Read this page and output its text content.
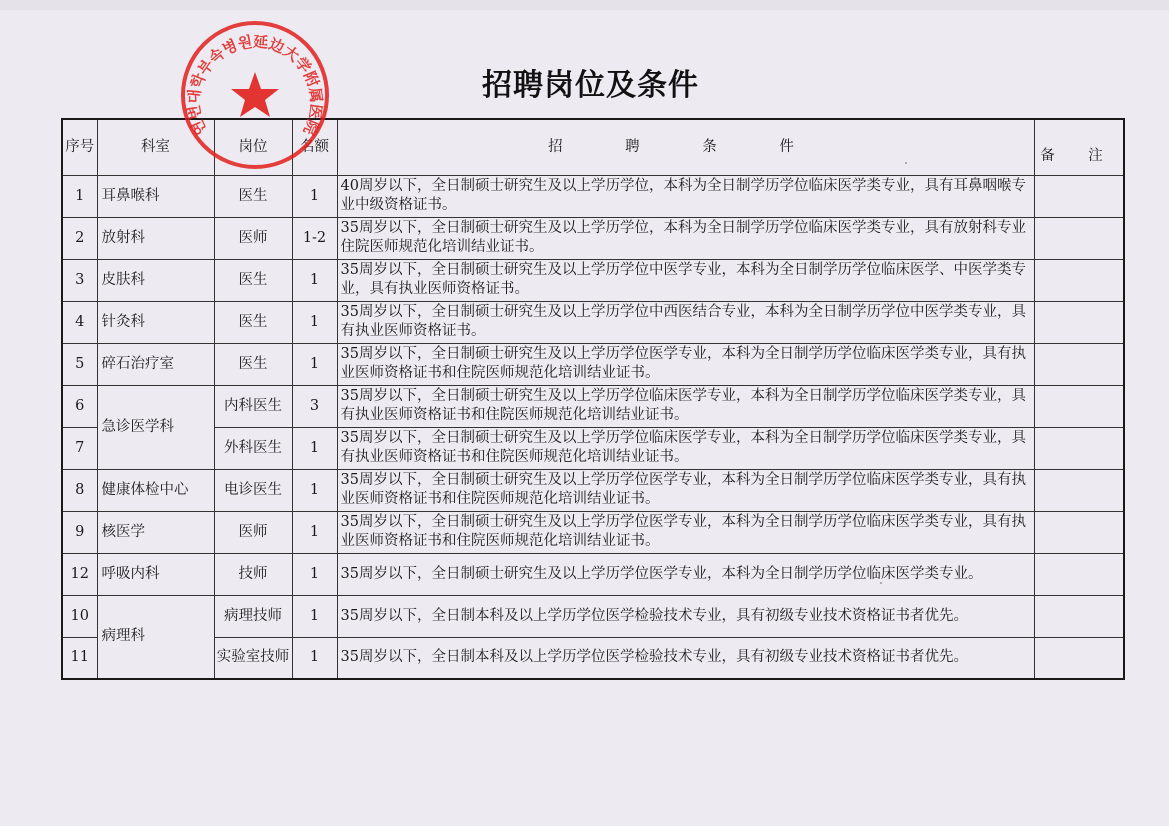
招聘岗位及条件
序号	科室	岗位	名额	招 聘 条 件	备 注
1	耳鼻喉科	医生	1	40周岁以下，全日制硕士研究生及以上学历学位，本科为全日制学历学位临床医学类专业，具有耳鼻咽喉专业中级资格证书。	
2	放射科	医师	1-2	35周岁以下，全日制硕士研究生及以上学历学位，本科为全日制学历学位临床医学类专业，具有放射科专业住院医师规范化培训结业证书。	
3	皮肤科	医生	1	35周岁以下，全日制硕士研究生及以上学历学位中医学专业，本科为全日制学历学位临床医学、中医学类专业，具有执业医师资格证书。	
4	针灸科	医生	1	35周岁以下，全日制硕士研究生及以上学历学位中西医结合专业，本科为全日制学历学位中医学类专业，具有执业医师资格证书。	
5	碎石治疗室	医生	1	35周岁以下，全日制硕士研究生及以上学历学位医学专业，本科为全日制学历学位临床医学类专业，具有执业医师资格证书和住院医师规范化培训结业证书。	
6	急诊医学科	内科医生	3	35周岁以下，全日制硕士研究生及以上学历学位临床医学专业，本科为全日制学历学位临床医学类专业，具有执业医师资格证书和住院医师规范化培训结业证书。	
7		外科医生	1	35周岁以下，全日制硕士研究生及以上学历学位临床医学专业，本科为全日制学历学位临床医学类专业，具有执业医师资格证书和住院医师规范化培训结业证书。	
8	健康体检中心	电诊医生	1	35周岁以下，全日制硕士研究生及以上学历学位医学专业，本科为全日制学历学位临床医学类专业，具有执业医师资格证书和住院医师规范化培训结业证书。	
9	核医学	医师	1	35周岁以下，全日制硕士研究生及以上学历学位医学专业，本科为全日制学历学位临床医学类专业，具有执业医师资格证书和住院医师规范化培训结业证书。	
12	呼吸内科	技师	1	35周岁以下，全日制硕士研究生及以上学历学位医学专业，本科为全日制学历学位临床医学类专业。	
10	病理科	病理技师	1	35周岁以下，全日制本科及以上学历学位医学检验技术专业，具有初级专业技术资格证书者优先。	
11		实验室技师	1	35周岁以下，全日制本科及以上学历学位医学检验技术专业，具有初级专业技术资格证书者优先。	
연변대학부속병원延边大学附属医院
